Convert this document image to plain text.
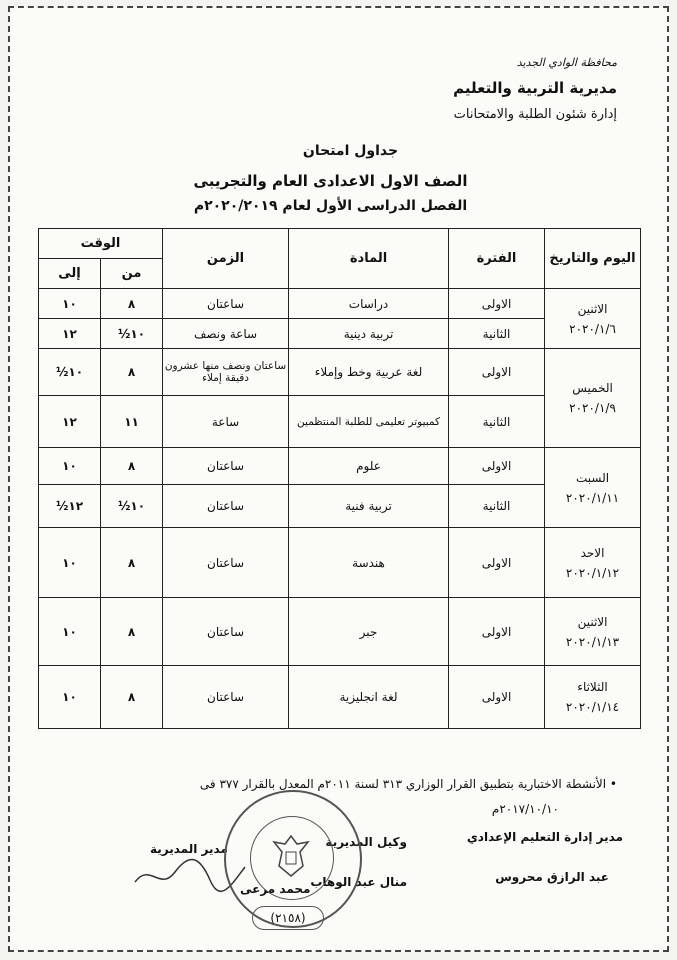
محافظة الوادي الجديد
مديرية التربية والتعليم
إدارة شئون الطلبة والامتحانات
جداول امتحان
الصف الاول الاعدادى العام والتجريبى
الفصل الدراسى الأول لعام ٢٠٢٠/٢٠١٩م
اليوم والتاريخ	الفترة	المادة	الزمن	الوقت	
				من	إلى

الاثنين
٢٠٢٠/١/٦	الاولى	دراسات	ساعتان	٨	١٠
	الثانية	تربية دينية	ساعة ونصف	½١٠	١٢

الخميس
٢٠٢٠/١/٩	الاولى	لغة عربية وخط وإملاء	ساعتان ونصف منها عشرون دقيقة إملاء	٨	½١٠
	الثانية	كمبيوتر تعليمى للطلبة المنتظمين	ساعة	١١	١٢

السبت
٢٠٢٠/١/١١	الاولى	علوم	ساعتان	٨	١٠
	الثانية	تربية فنية	ساعتان	½١٠	½١٢

الاحد
٢٠٢٠/١/١٢	الاولى	هندسة	ساعتان	٨	١٠

الاثنين
٢٠٢٠/١/١٣	الاولى	جبر	ساعتان	٨	١٠

الثلاثاء
٢٠٢٠/١/١٤	الاولى	لغة انجليزية	ساعتان	٨	١٠
• الأنشطة الاختبارية بتطبيق القرار الوزاري ٣١٣ لسنة ٢٠١١م المعدل بالقرار ٣٧٧ فى
٢٠١٧/١٠/١٠م
مدير إدارة التعليم الإعدادي
عبد الرازق محروس
وكيل المديرية
منال عبد الوهاب
مدير المديرية
محمد مرعى
(٢١٥٨)
